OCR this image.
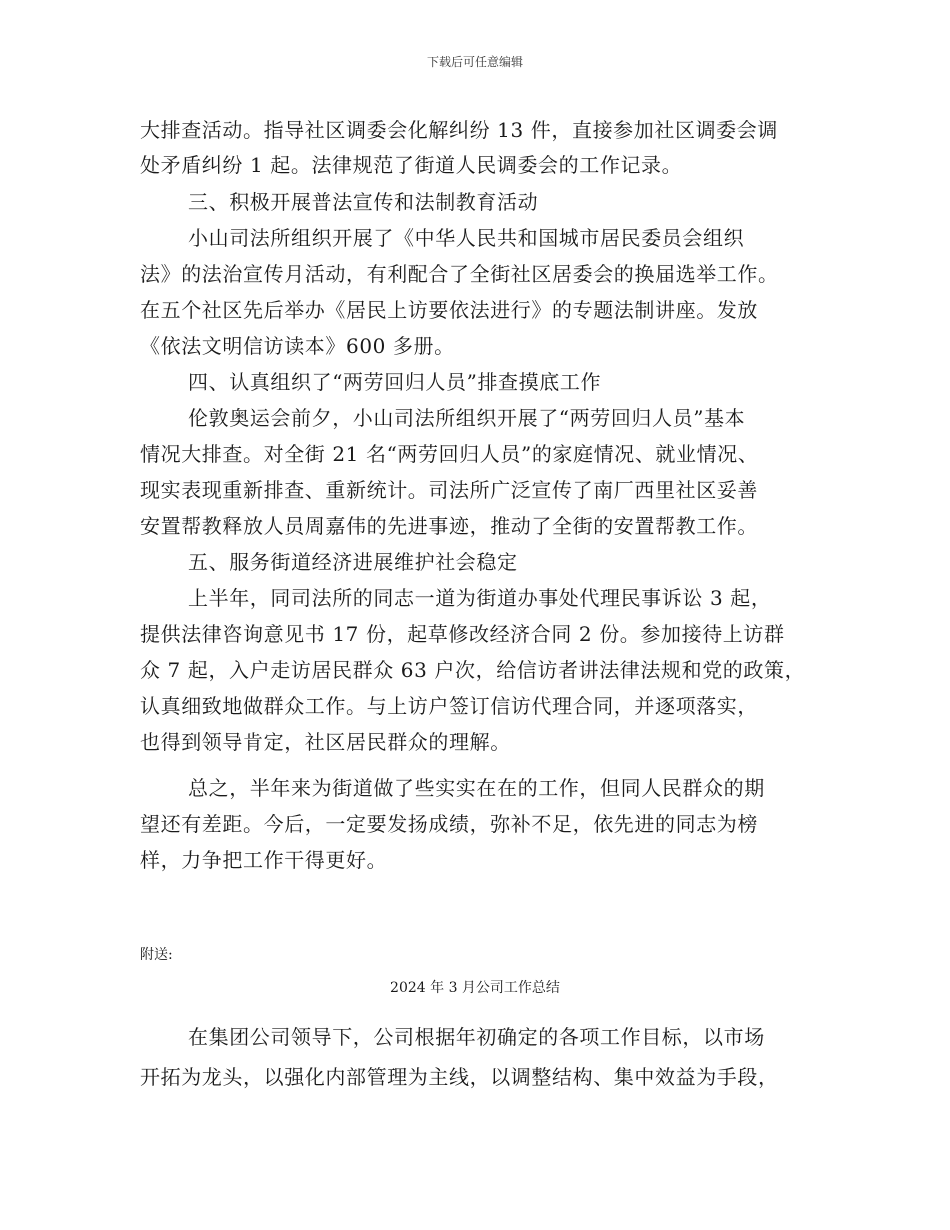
下载后可任意编辑
大排查活动。指导社区调委会化解纠纷 13 件，直接参加社区调委会调
处矛盾纠纷 1 起。法律规范了街道人民调委会的工作记录。
三、积极开展普法宣传和法制教育活动
小山司法所组织开展了《中华人民共和国城市居民委员会组织
法》的法治宣传月活动，有利配合了全街社区居委会的换届选举工作。
在五个社区先后举办《居民上访要依法进行》的专题法制讲座。发放
《依法文明信访读本》600 多册。
四、认真组织了“两劳回归人员”排查摸底工作
伦敦奥运会前夕，小山司法所组织开展了“两劳回归人员”基本
情况大排查。对全街 21 名“两劳回归人员”的家庭情况、就业情况、
现实表现重新排查、重新统计。司法所广泛宣传了南厂西里社区妥善
安置帮教释放人员周嘉伟的先进事迹，推动了全街的安置帮教工作。
五、服务街道经济进展维护社会稳定
上半年，同司法所的同志一道为街道办事处代理民事诉讼 3 起，
提供法律咨询意见书 17 份，起草修改经济合同 2 份。参加接待上访群
众 7 起，入户走访居民群众 63 户次，给信访者讲法律法规和党的政策，
认真细致地做群众工作。与上访户签订信访代理合同，并逐项落实，
也得到领导肯定，社区居民群众的理解。
总之，半年来为街道做了些实实在在的工作，但同人民群众的期
望还有差距。今后，一定要发扬成绩，弥补不足，依先进的同志为榜
样，力争把工作干得更好。
附送:
2024 年 3 月公司工作总结
在集团公司领导下，公司根据年初确定的各项工作目标，以市场
开拓为龙头，以强化内部管理为主线，以调整结构、集中效益为手段，
